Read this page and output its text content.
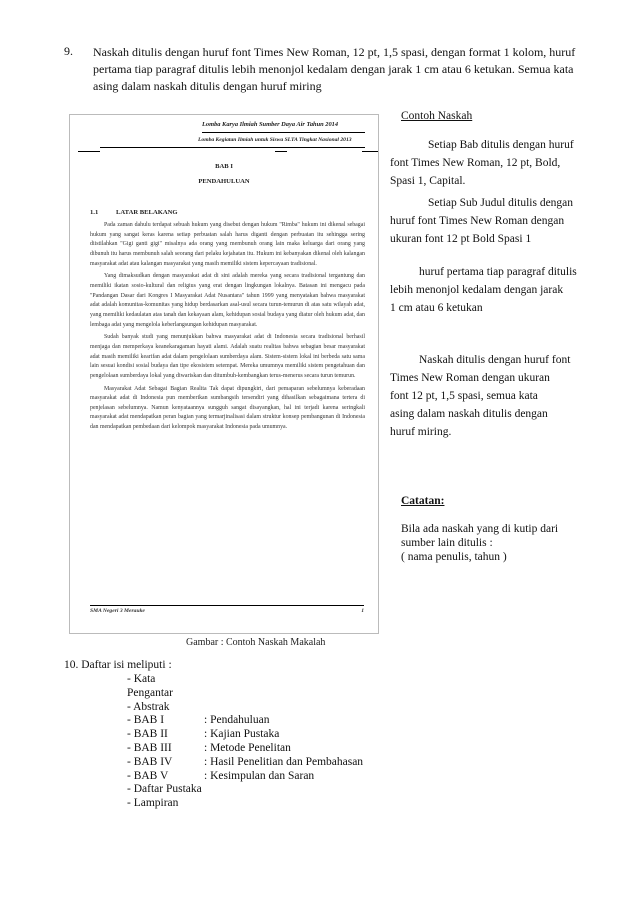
9. Naskah ditulis dengan huruf font Times New Roman, 12 pt, 1,5 spasi, dengan format 1 kolom, huruf
pertama tiap paragraf ditulis lebih menonjol kedalam dengan jarak 1 cm atau 6 ketukan. Semua kata
asing dalam naskah ditulis dengan huruf miring
Lomba Karya Ilmiah Sumber Daya Air Tahun 2014
Lomba Kegiatan Ilmiah untuk Siswa SLTA Tingkat Nasional 2013
BAB I
PENDAHULUAN
1.1	LATAR BELAKANG

Pada zaman dahulu terdapat sebuah hukum yang disebut dengan hukum "Rimba" hukum ini dikenal sebagai hukum yang sangat keras karena setiap perbuatan salah harus diganti dengan perbuatan itu sehingga sering diistilahkan "Gigi ganti gigi" misalnya ada orang yang membunuh orang lain maka keluarga dari orang yang dibunuh itu harus membunuh salah seorang dari pelaku kejahatan itu. Hukum ini kebanyakan dikenal oleh kalangan masyarakat adat atau kalangan masyarakat yang masih memiliki sistem kepercayaan tradisional.

Yang dimaksudkan dengan masyarakat adat di sini adalah mereka yang secara tradisional tergantung dan memiliki ikatan sosio-kultural dan religius yang erat dengan lingkungan lokalnya. Batasan ini mengacu pada "Pandangan Dasar dari Kongres I Masyarakat Adat Nusantara" tahun 1999 yang menyatakan bahwa masyarakat adat adalah komunitas-komunitas yang hidup berdasarkan asal-usul secara turun-temurun di atas satu wilayah adat, yang memiliki kedaulatan atas tanah dan kekayaan alam, kehidupan sosial budaya yang diatur oleh hukum adat, dan lembaga adat yang mengelola keberlangsungan kehidupan masyarakat.

Sudah banyak studi yang menunjukkan bahwa masyarakat adat di Indonesia secara tradisional berhasil menjaga dan memperkaya keanekaragaman hayati alami. Adalah suatu realitas bahwa sebagian besar masyarakat adat masih memiliki kearifan adat dalam pengelolaan sumberdaya alam. Sistem-sistem lokal ini berbeda satu sama lain sesuai kondisi sosial budaya dan tipe ekosistem setempat. Mereka umumnya memiliki sistem pengetahuan dan pengelolaan sumberdaya lokal yang diwariskan dan ditumbuh-kembangkan terus-menerus secara turun temurun.

Masyarakat Adat Sebagai Bagian Realita Tak dapat dipungkiri, dari pemaparan sebelumnya keberadaan masyarakat adat di Indonesia pun memberikan sumbangsih tersendiri yang dihasilkan sebagaimana tertera di penjelasan sebelumnya. Namun kenyataannya sungguh sangat disayangkan, hal ini terjadi karena seringkali masyarakat adat mendapatkan peran bagian yang termarjinalisasi dalam struktur konsep pembangunan di Indonesia dan mendapatkan pembedaan dari kelompok masyarakat Indonesia pada umumnya.

SMA Negeri 3 Merauke	1
Gambar : Contoh Naskah Makalah
Contoh Naskah
Setiap Bab ditulis dengan huruf
font Times New Roman, 12 pt, Bold,
Spasi 1, Capital.
Setiap Sub Judul ditulis dengan
huruf font Times New Roman dengan
ukuran font 12 pt Bold Spasi 1
huruf pertama tiap paragraf ditulis
lebih menonjol kedalam dengan jarak
1 cm atau 6 ketukan
Naskah ditulis dengan huruf font
Times New Roman dengan ukuran
font 12 pt, 1,5 spasi, semua kata
asing dalam naskah ditulis dengan
huruf miring.
Catatan:
Bila ada naskah yang di kutip dari
sumber lain ditulis :
( nama penulis, tahun )
10. Daftar isi meliputi :
- Kata Pengantar
- Abstrak
- BAB I	: Pendahuluan
- BAB II	: Kajian Pustaka
- BAB III	: Metode Penelitan
- BAB IV	: Hasil Penelitian dan Pembahasan
- BAB V	: Kesimpulan dan Saran
- Daftar Pustaka
- Lampiran
